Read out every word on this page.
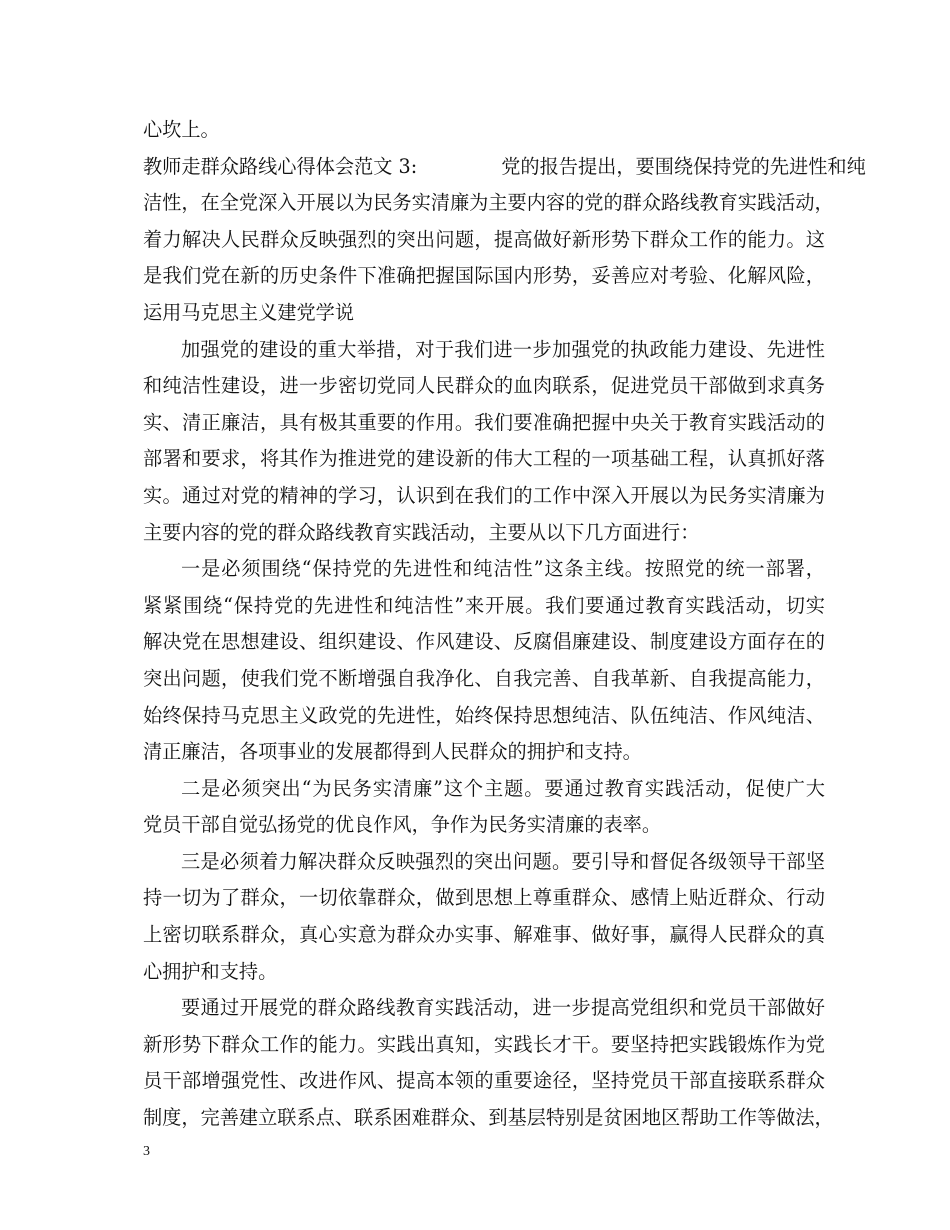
心坎上。
教师走群众路线心得体会范文 3:	党的报告提出，要围绕保持党的先进性和纯
洁性，在全党深入开展以为民务实清廉为主要内容的党的群众路线教育实践活动，
着力解决人民群众反映强烈的突出问题，提高做好新形势下群众工作的能力。这
是我们党在新的历史条件下准确把握国际国内形势，妥善应对考验、化解风险，
运用马克思主义建党学说
加强党的建设的重大举措，对于我们进一步加强党的执政能力建设、先进性
和纯洁性建设，进一步密切党同人民群众的血肉联系，促进党员干部做到求真务
实、清正廉洁，具有极其重要的作用。我们要准确把握中央关于教育实践活动的
部署和要求，将其作为推进党的建设新的伟大工程的一项基础工程，认真抓好落
实。通过对党的精神的学习，认识到在我们的工作中深入开展以为民务实清廉为
主要内容的党的群众路线教育实践活动，主要从以下几方面进行：
一是必须围绕“保持党的先进性和纯洁性”这条主线。按照党的统一部署，
紧紧围绕“保持党的先进性和纯洁性”来开展。我们要通过教育实践活动，切实
解决党在思想建设、组织建设、作风建设、反腐倡廉建设、制度建设方面存在的
突出问题，使我们党不断增强自我净化、自我完善、自我革新、自我提高能力，
始终保持马克思主义政党的先进性，始终保持思想纯洁、队伍纯洁、作风纯洁、
清正廉洁，各项事业的发展都得到人民群众的拥护和支持。
二是必须突出“为民务实清廉”这个主题。要通过教育实践活动，促使广大
党员干部自觉弘扬党的优良作风，争作为民务实清廉的表率。
三是必须着力解决群众反映强烈的突出问题。要引导和督促各级领导干部坚
持一切为了群众，一切依靠群众，做到思想上尊重群众、感情上贴近群众、行动
上密切联系群众，真心实意为群众办实事、解难事、做好事，赢得人民群众的真
心拥护和支持。
要通过开展党的群众路线教育实践活动，进一步提高党组织和党员干部做好
新形势下群众工作的能力。实践出真知，实践长才干。要坚持把实践锻炼作为党
员干部增强党性、改进作风、提高本领的重要途径，坚持党员干部直接联系群众
制度，完善建立联系点、联系困难群众、到基层特别是贫困地区帮助工作等做法，
3
